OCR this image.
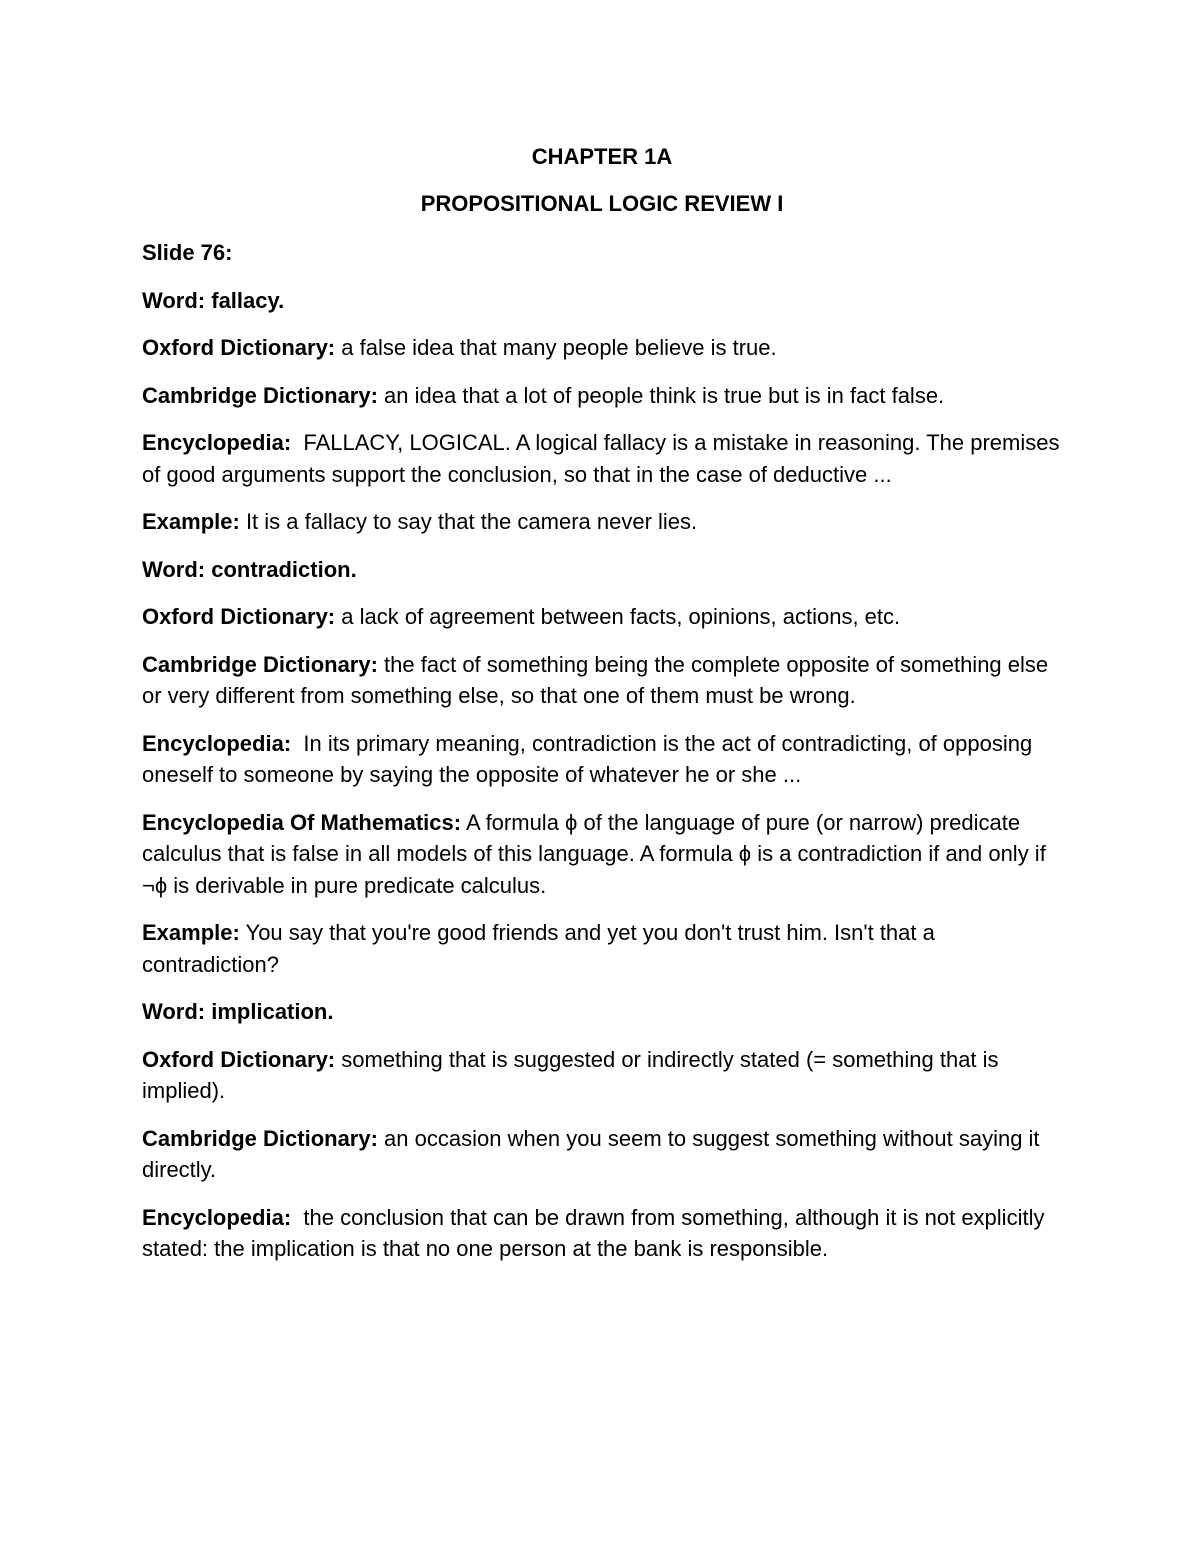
CHAPTER 1A

PROPOSITIONAL LOGIC REVIEW I

Slide 76:

Word: fallacy.

Oxford Dictionary: a false idea that many people believe is true.

Cambridge Dictionary: an idea that a lot of people think is true but is in fact false.

Encyclopedia:  FALLACY, LOGICAL. A logical fallacy is a mistake in reasoning. The premises of good arguments support the conclusion, so that in the case of deductive ...

Example: It is a fallacy to say that the camera never lies.

Word: contradiction.

Oxford Dictionary: a lack of agreement between facts, opinions, actions, etc.

Cambridge Dictionary: the fact of something being the complete opposite of something else or very different from something else, so that one of them must be wrong.

Encyclopedia:  In its primary meaning, contradiction is the act of contradicting, of opposing oneself to someone by saying the opposite of whatever he or she ...

Encyclopedia Of Mathematics: A formula ϕ of the language of pure (or narrow) predicate calculus that is false in all models of this language. A formula ϕ is a contradiction if and only if ¬ϕ is derivable in pure predicate calculus.

Example: You say that you're good friends and yet you don't trust him. Isn't that a contradiction?

Word: implication.

Oxford Dictionary: something that is suggested or indirectly stated (= something that is implied).

Cambridge Dictionary: an occasion when you seem to suggest something without saying it directly.

Encyclopedia:  the conclusion that can be drawn from something, although it is not explicitly stated: the implication is that no one person at the bank is responsible.
